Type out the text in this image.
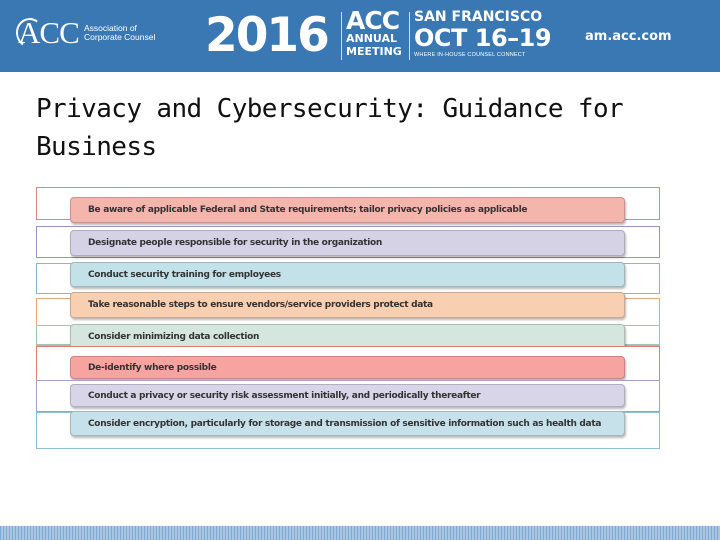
ACC Association of
Corporate Counsel	2016 ACC
ANNUAL
MEETING
SAN FRANCISCO
OCT 16–19
WHERE IN-HOUSE COUNSEL CONNECT
am.acc.com
Privacy and Cybersecurity: Guidance for
Business
Be aware of applicable Federal and State requirements; tailor privacy policies as applicable
Designate people responsible for security in the organization
Conduct security training for employees
Take reasonable steps to ensure vendors/service providers protect data
Consider minimizing data collection
De-identify where possible
Conduct a privacy or security risk assessment initially, and periodically thereafter
Consider encryption, particularly for storage and transmission of sensitive information such as health data
